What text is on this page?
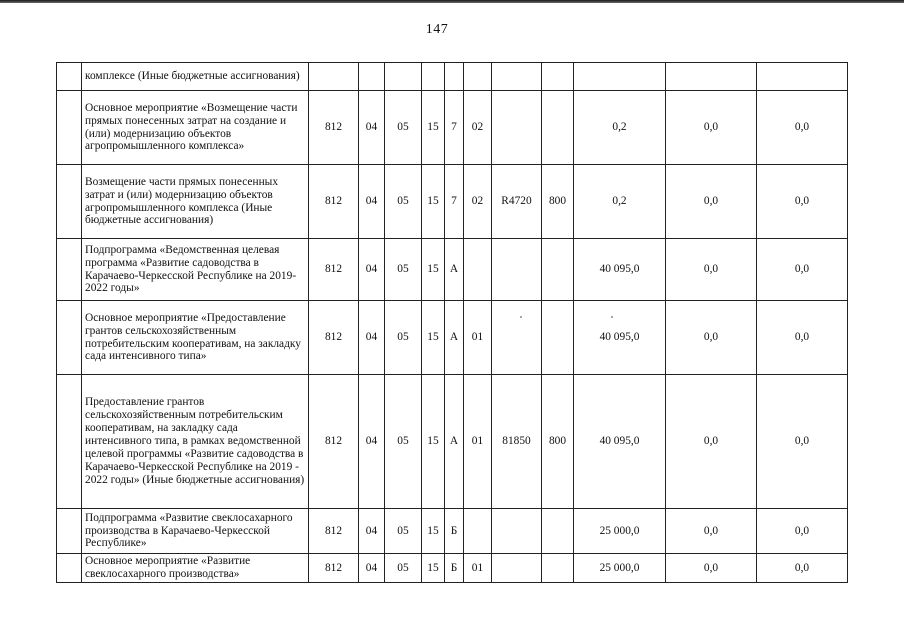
147
	комплексе (Иные бюджетные ассигнования)											
	Основное мероприятие «Возмещение части прямых понесенных затрат на создание и (или) модернизацию объектов агропромышленного комплекса»	812	04	05	15	7	02			0,2	0,0	0,0
	Возмещение части прямых понесенных затрат и (или) модернизацию объектов агропромышленного комплекса (Иные бюджетные ассигнования)	812	04	05	15	7	02	R4720	800	0,2	0,0	0,0
	Подпрограмма «Ведомственная целевая программа «Развитие садоводства в Карачаево-Черкесской Республике на 2019-2022 годы»	812	04	05	15	А				40 095,0	0,0	0,0
	Основное мероприятие «Предоставление грантов сельскохозяйственным потребительским кооперативам, на закладку сада интенсивного типа»	812	04	05	15	А	01			40 095,0	0,0	0,0
	Предоставление грантов сельскохозяйственным потребительским кооперативам, на закладку сада интенсивного типа, в рамках ведомственной целевой программы «Развитие садоводства в Карачаево-Черкесской Республике на 2019 - 2022 годы» (Иные бюджетные ассигнования)	812	04	05	15	А	01	81850	800	40 095,0	0,0	0,0
	Подпрограмма «Развитие свеклосахарного производства в Карачаево-Черкесской Республике»	812	04	05	15	Б				25 000,0	0,0	0,0
	Основное мероприятие «Развитие свеклосахарного производства»	812	04	05	15	Б	01			25 000,0	0,0	0,0
